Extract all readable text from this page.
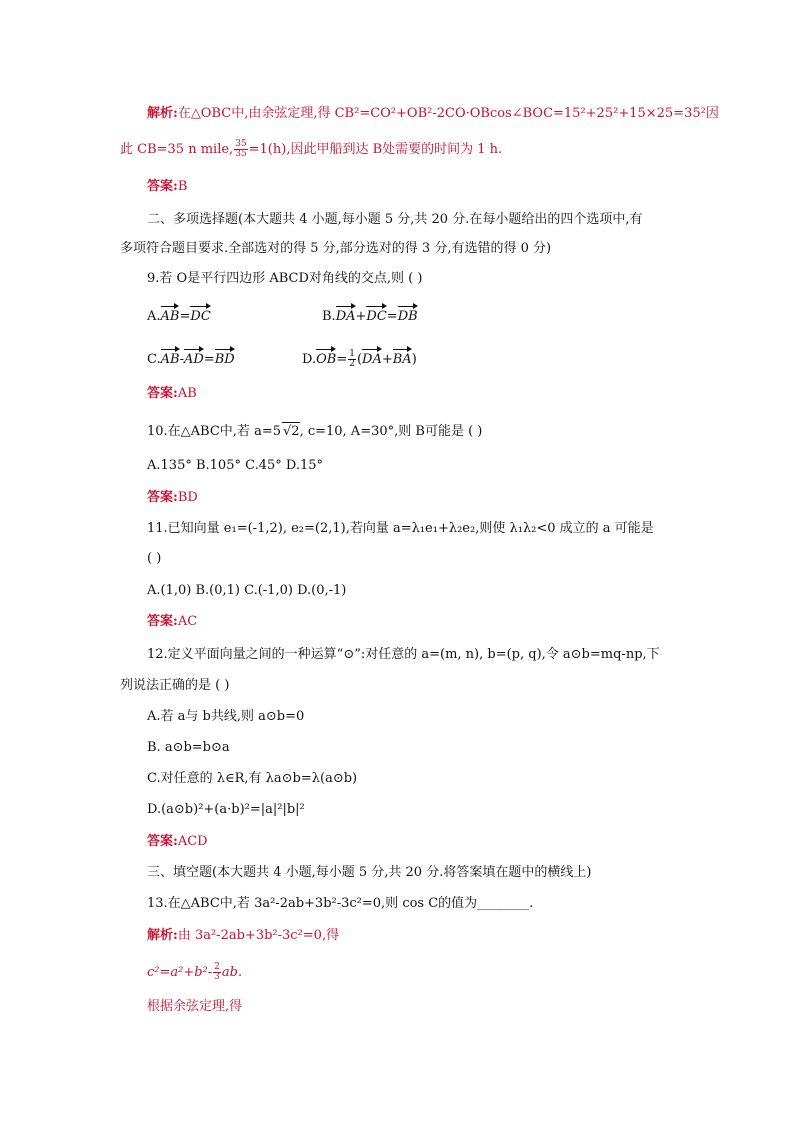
解析:在△OBC中,由余弦定理,得 CB²=CO²+OB²-2CO·OBcos∠BOC=15²+25²+15×25=35²因
此 CB=35 n mile, $\frac{35}{35} =1(h)$,因此甲船到达 B处需要的时间为 1 h.
答案:B
二、多项选择题(本大题共 4 小题,每小题 5 分,共 20 分.在每小题给出的四个选项中,有
多项符合题目要求.全部选对的得 5 分,部分选对的得 3 分,有选错的得 0 分)
9.若 O是平行四边形 ABCD对角线的交点,则 ( )
A.AB=DC	B.DA+DC=DB
C.AB-AD=BD	$D.OB= \frac{1}{2} (DA+BA)$
答案:AB
10.在△ABC中,若 a=5 √2, c=10, A=30°,则 B可能是 ( )
A.135° B.105° C.45° D.15°
答案:BD
11.已知向量 e₁=(-1,2), e₂=(2,1),若向量 a=λ₁e₁+λ₂e₂,则使 λ₁λ₂<0 成立的 a 可能是
( )
A.(1,0) B.(0,1) C.(-1,0) D.(0,-1)
答案:AC
12.定义平面向量之间的一种运算“⊙”:对任意的 a=(m, n), b=(p, q),令 a⊙b=mq-np,下
列说法正确的是 ( )
A.若 a与 b共线,则 a⊙b=0
B. a⊙b=b⊙a
C.对任意的 λ∈R,有 λa⊙b=λ(a⊙b)
D.(a⊙b)²+(a·b)²=|a|²|b|²
答案:ACD
三、填空题(本大题共 4 小题,每小题 5 分,共 20 分.将答案填在题中的横线上)
13.在△ABC中,若 3a²-2ab+3b²-3c²=0,则 cos C的值为________.
解析:由 3a²-2ab+3b²-3c²=0,得
$c^2=a^2+b^2- \frac{2}{3}$ ab.
根据余弦定理,得
